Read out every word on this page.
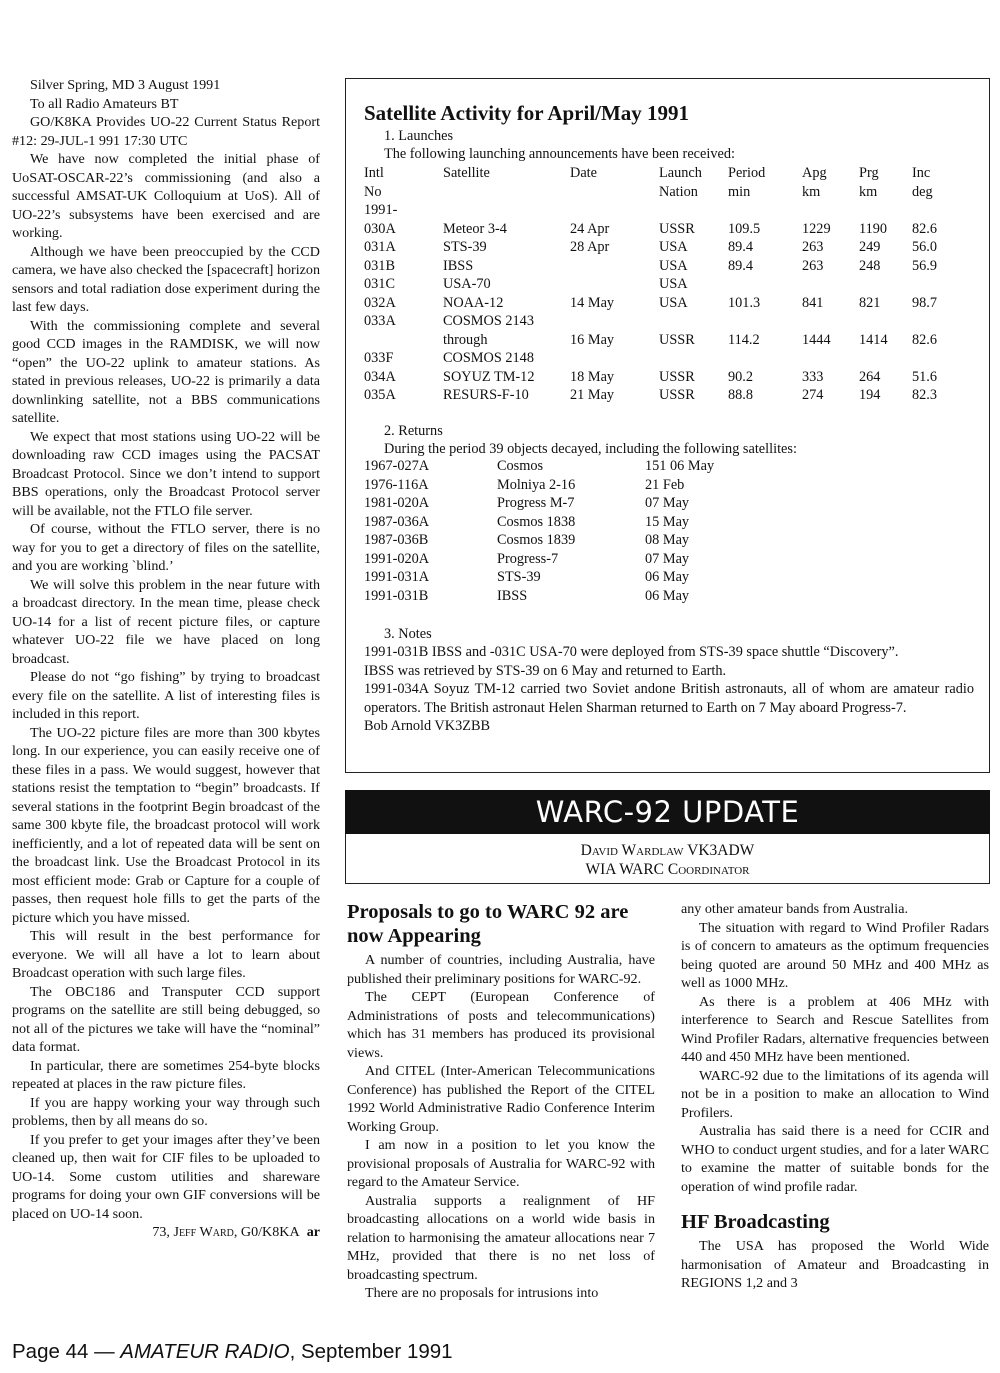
Silver Spring, MD 3 August 1991

To all Radio Amateurs BT

GO/K8KA Provides UO-22 Current Status Report #12: 29-JUL-1 991 17:30 UTC

We have now completed the initial phase of UoSAT-OSCAR-22’s commissioning (and also a successful AMSAT-UK Colloquium at UoS). All of UO-22’s subsystems have been exercised and are working.

Although we have been preoccupied by the CCD camera, we have also checked the [spacecraft] horizon sensors and total radiation dose experiment during the last few days.

With the commissioning complete and several good CCD images in the RAMDISK, we will now “open” the UO-22 uplink to amateur stations. As stated in previous releases, UO-22 is primarily a data downlinking satellite, not a BBS communications satellite.

We expect that most stations using UO-22 will be downloading raw CCD images using the PACSAT Broadcast Protocol. Since we don’t intend to support BBS operations, only the Broadcast Protocol server will be available, not the FTLO file server.

Of course, without the FTLO server, there is no way for you to get a directory of files on the satellite, and you are working `blind.’

We will solve this problem in the near future with a broadcast directory. In the mean time, please check UO-14 for a list of recent picture files, or capture whatever UO-22 file we have placed on long broadcast.

Please do not “go fishing” by trying to broadcast every file on the satellite. A list of interesting files is included in this report.

The UO-22 picture files are more than 300 kbytes long. In our experience, you can easily receive one of these files in a pass. We would suggest, however that stations resist the temptation to “begin” broadcasts. If several stations in the footprint Begin broadcast of the same 300 kbyte file, the broadcast protocol will work inefficiently, and a lot of repeated data will be sent on the broadcast link. Use the Broadcast Protocol in its most efficient mode: Grab or Capture for a couple of passes, then request hole fills to get the parts of the picture which you have missed.

This will result in the best performance for everyone. We will all have a lot to learn about Broadcast operation with such large files.

The OBC186 and Transputer CCD support programs on the satellite are still being debugged, so not all of the pictures we take will have the “nominal” data format.

In particular, there are sometimes 254-byte blocks repeated at places in the raw picture files.

If you are happy working your way through such problems, then by all means do so.

If you prefer to get your images after they’ve been cleaned up, then wait for CIF files to be uploaded to UO-14. Some custom utilities and shareware programs for doing your own GIF conversions will be placed on UO-14 soon.

73, Jeff Ward, G0/K8KA ar

Satellite Activity for April/May 1991
1. Launches
The following launching announcements have been received:
Intl	Satellite	Date	Launch	Period	Apg	Prg	Inc
No			Nation	min	km	km	deg
1991-							
030A	Meteor 3-4	24 Apr	USSR	109.5	1229	1190	82.6
031A	STS-39	28 Apr	USA	89.4	263	249	56.0
031B	IBSS		USA	89.4	263	248	56.9
031C	USA-70		USA				
032A	NOAA-12	14 May	USA	101.3	841	821	98.7
033A	COSMOS 2143						
	through	16 May	USSR	114.2	1444	1414	82.6
033F	COSMOS 2148						
034A	SOYUZ TM-12	18 May	USSR	90.2	333	264	51.6
035A	RESURS-F-10	21 May	USSR	88.8	274	194	82.3
2. Returns
During the period 39 objects decayed, including the following satellites:
1967-027A	Cosmos	151 06 May
1976-116A	Molniya 2-16	21 Feb
1981-020A	Progress M-7	07 May
1987-036A	Cosmos 1838	15 May
1987-036B	Cosmos 1839	08 May
1991-020A	Progress-7	07 May
1991-031A	STS-39	06 May
1991-031B	IBSS	06 May
3. Notes
1991-031B IBSS and -031C USA-70 were deployed from STS-39 space shuttle “Discovery”.
IBSS was retrieved by STS-39 on 6 May and returned to Earth.
1991-034A Soyuz TM-12 carried two Soviet andone British astronauts, all of whom are amateur radio operators. The British astronaut Helen Sharman returned to Earth on 7 May aboard Progress-7.
Bob Arnold VK3ZBB
WARC-92 UPDATE
David Wardlaw VK3ADW
WIA WARC Coordinator
Proposals to go to WARC 92 are now Appearing

A number of countries, including Australia, have published their preliminary positions for WARC-92.

The CEPT (European Conference of Administrations of posts and telecommunications) which has 31 members has produced its provisional views.

And CITEL (Inter-American Telecommunications Conference) has published the Report of the CITEL 1992 World Administrative Radio Conference Interim Working Group.

I am now in a position to let you know the provisional proposals of Australia for WARC-92 with regard to the Amateur Service.

Australia supports a realignment of HF broadcasting allocations on a world wide basis in relation to harmonising the amateur allocations near 7 MHz, provided that there is no net loss of broadcasting spectrum.

There are no proposals for intrusions into

any other amateur bands from Australia.

The situation with regard to Wind Profiler Radars is of concern to amateurs as the optimum frequencies being quoted are around 50 MHz and 400 MHz as well as 1000 MHz.

As there is a problem at 406 MHz with interference to Search and Rescue Satellites from Wind Profiler Radars, alternative frequencies between 440 and 450 MHz have been mentioned.

WARC-92 due to the limitations of its agenda will not be in a position to make an allocation to Wind Profilers.

Australia has said there is a need for CCIR and WHO to conduct urgent studies, and for a later WARC to examine the matter of suitable bonds for the operation of wind profile radar.

HF Broadcasting

The USA has proposed the World Wide harmonisation of Amateur and Broadcasting in REGIONS 1,2 and 3

Page 44 — AMATEUR RADIO, September 1991
